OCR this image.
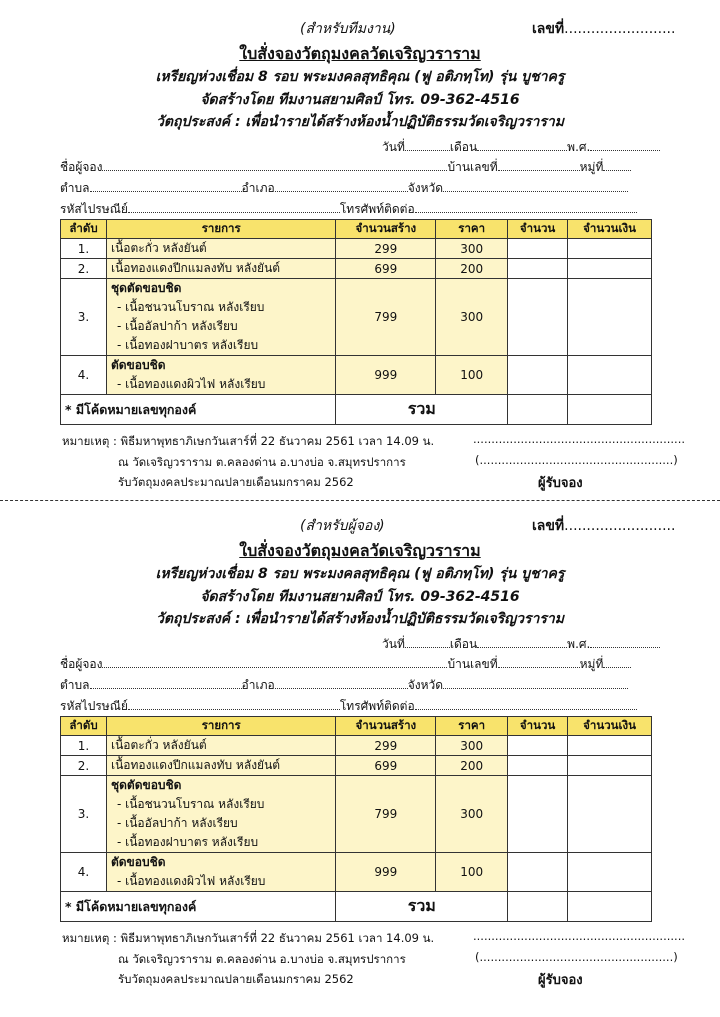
(สำหรับทีมงาน)	เลขที่.........................
ใบสั่งจองวัตถุมงคลวัดเจริญวราราม
เหรียญห่วงเชื่อม 8 รอบ พระมงคลสุทธิคุณ (ฟู อติภทฺโท) รุ่น บูชาครู
จัดสร้างโดย ทีมงานสยามศิลป์ โทร. 09-362-4516
วัตถุประสงค์ : เพื่อนำรายได้สร้างห้องน้ำปฏิบัติธรรมวัดเจริญวราราม
วันที่	เดือน	พ.ศ.
ชื่อผู้จอง	บ้านเลขที่	หมู่ที่
ตำบล	อำเภอ	จังหวัด
รหัสไปรษณีย์	โทรศัพท์ติดต่อ
ลำดับ	รายการ	จำนวนสร้าง	ราคา	จำนวน	จำนวนเงิน
1.	เนื้อตะกั่ว หลังยันต์	299	300		
2.	เนื้อทองแดงปีกแมลงทับ หลังยันต์	699	200		
3.	ชุดตัดขอบชิด
- เนื้อชนวนโบราณ หลังเรียบ
- เนื้ออัลปาก้า หลังเรียบ
- เนื้อทองฝาบาตร หลังเรียบ	799	300		
4.	ตัดขอบชิด
- เนื้อทองแดงผิวไฟ หลังเรียบ	999	100		
* มีโค้ดหมายเลขทุกองค์		รวม			
หมายเหตุ : พิธีมหาพุทธาภิเษกวันเสาร์ที่ 22 ธันวาคม 2561 เวลา 14.09 น.
ณ วัดเจริญวราราม ต.คลองด่าน อ.บางบ่อ จ.สมุทรปราการ
รับวัตถุมงคลประมาณปลายเดือนมกราคม 2562
..........................................................
(.....................................................)
ผู้รับจอง
(สำหรับผู้จอง)	เลขที่.........................
ใบสั่งจองวัตถุมงคลวัดเจริญวราราม
เหรียญห่วงเชื่อม 8 รอบ พระมงคลสุทธิคุณ (ฟู อติภทฺโท) รุ่น บูชาครู
จัดสร้างโดย ทีมงานสยามศิลป์ โทร. 09-362-4516
วัตถุประสงค์ : เพื่อนำรายได้สร้างห้องน้ำปฏิบัติธรรมวัดเจริญวราราม
วันที่	เดือน	พ.ศ.
ชื่อผู้จอง	บ้านเลขที่	หมู่ที่
ตำบล	อำเภอ	จังหวัด
รหัสไปรษณีย์	โทรศัพท์ติดต่อ
ลำดับ	รายการ	จำนวนสร้าง	ราคา	จำนวน	จำนวนเงิน
1.	เนื้อตะกั่ว หลังยันต์	299	300		
2.	เนื้อทองแดงปีกแมลงทับ หลังยันต์	699	200		
3.	ชุดตัดขอบชิด
- เนื้อชนวนโบราณ หลังเรียบ
- เนื้ออัลปาก้า หลังเรียบ
- เนื้อทองฝาบาตร หลังเรียบ	799	300		
4.	ตัดขอบชิด
- เนื้อทองแดงผิวไฟ หลังเรียบ	999	100		
* มีโค้ดหมายเลขทุกองค์		รวม			
หมายเหตุ : พิธีมหาพุทธาภิเษกวันเสาร์ที่ 22 ธันวาคม 2561 เวลา 14.09 น.
ณ วัดเจริญวราราม ต.คลองด่าน อ.บางบ่อ จ.สมุทรปราการ
รับวัตถุมงคลประมาณปลายเดือนมกราคม 2562
..........................................................
(.....................................................)
ผู้รับจอง
